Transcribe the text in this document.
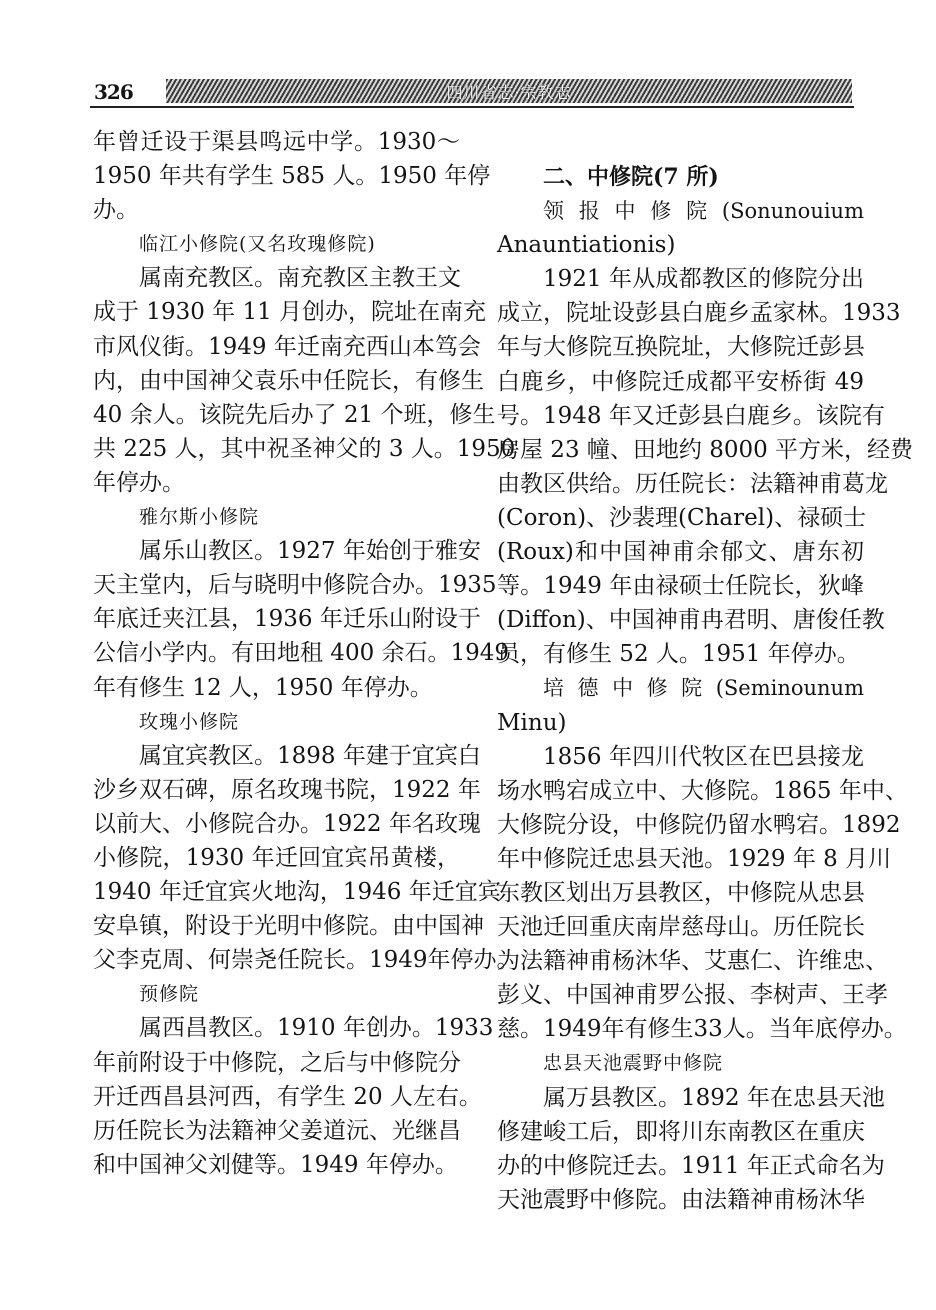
326	四川省志·宗教志
年曾迁设于渠县鸣远中学。1930～
1950 年共有学生 585 人。1950 年停
办。
临江小修院(又名玫瑰修院)
属南充教区。南充教区主教王文
成于 1930 年 11 月创办，院址在南充
市风仪街。1949 年迁南充西山本笃会
内，由中国神父袁乐中任院长，有修生
40 余人。该院先后办了 21 个班，修生
共 225 人，其中祝圣神父的 3 人。1950
年停办。
雅尔斯小修院
属乐山教区。1927 年始创于雅安
天主堂内，后与晓明中修院合办。1935
年底迁夹江县，1936 年迁乐山附设于
公信小学内。有田地租 400 余石。1949
年有修生 12 人，1950 年停办。
玫瑰小修院
属宜宾教区。1898 年建于宜宾白
沙乡双石碑，原名玫瑰书院，1922 年
以前大、小修院合办。1922 年名玫瑰
小修院，1930 年迁回宜宾吊黄楼，
1940 年迁宜宾火地沟，1946 年迁宜宾
安阜镇，附设于光明中修院。由中国神
父李克周、何崇尧任院长。1949年停办。
预修院
属西昌教区。1910 年创办。1933
年前附设于中修院，之后与中修院分
开迁西昌县河西，有学生 20 人左右。
历任院长为法籍神父姜道沅、光继昌
和中国神父刘健等。1949 年停办。
二、中修院(7 所)
领报中修院(Sonunouium
Anauntiationis)
1921 年从成都教区的修院分出
成立，院址设彭县白鹿乡孟家林。1933
年与大修院互换院址，大修院迁彭县
白鹿乡，中修院迁成都平安桥街 49
号。1948 年又迁彭县白鹿乡。该院有
房屋 23 幢、田地约 8000 平方米，经费
由教区供给。历任院长：法籍神甫葛龙
(Coron)、沙裴理(Charel)、禄硕士
(Roux)和中国神甫余郁文、唐东初
等。1949 年由禄硕士任院长，狄峰
(Diffon)、中国神甫冉君明、唐俊任教
员，有修生 52 人。1951 年停办。
培德中修院(Seminounum
Minu)
1856 年四川代牧区在巴县接龙
场水鸭宕成立中、大修院。1865 年中、
大修院分设，中修院仍留水鸭宕。1892
年中修院迁忠县天池。1929 年 8 月川
东教区划出万县教区，中修院从忠县
天池迁回重庆南岸慈母山。历任院长
为法籍神甫杨沐华、艾惠仁、许维忠、
彭义、中国神甫罗公报、李树声、王孝
慈。1949年有修生33人。当年底停办。
忠县天池震野中修院
属万县教区。1892 年在忠县天池
修建峻工后，即将川东南教区在重庆
办的中修院迁去。1911 年正式命名为
天池震野中修院。由法籍神甫杨沐华
